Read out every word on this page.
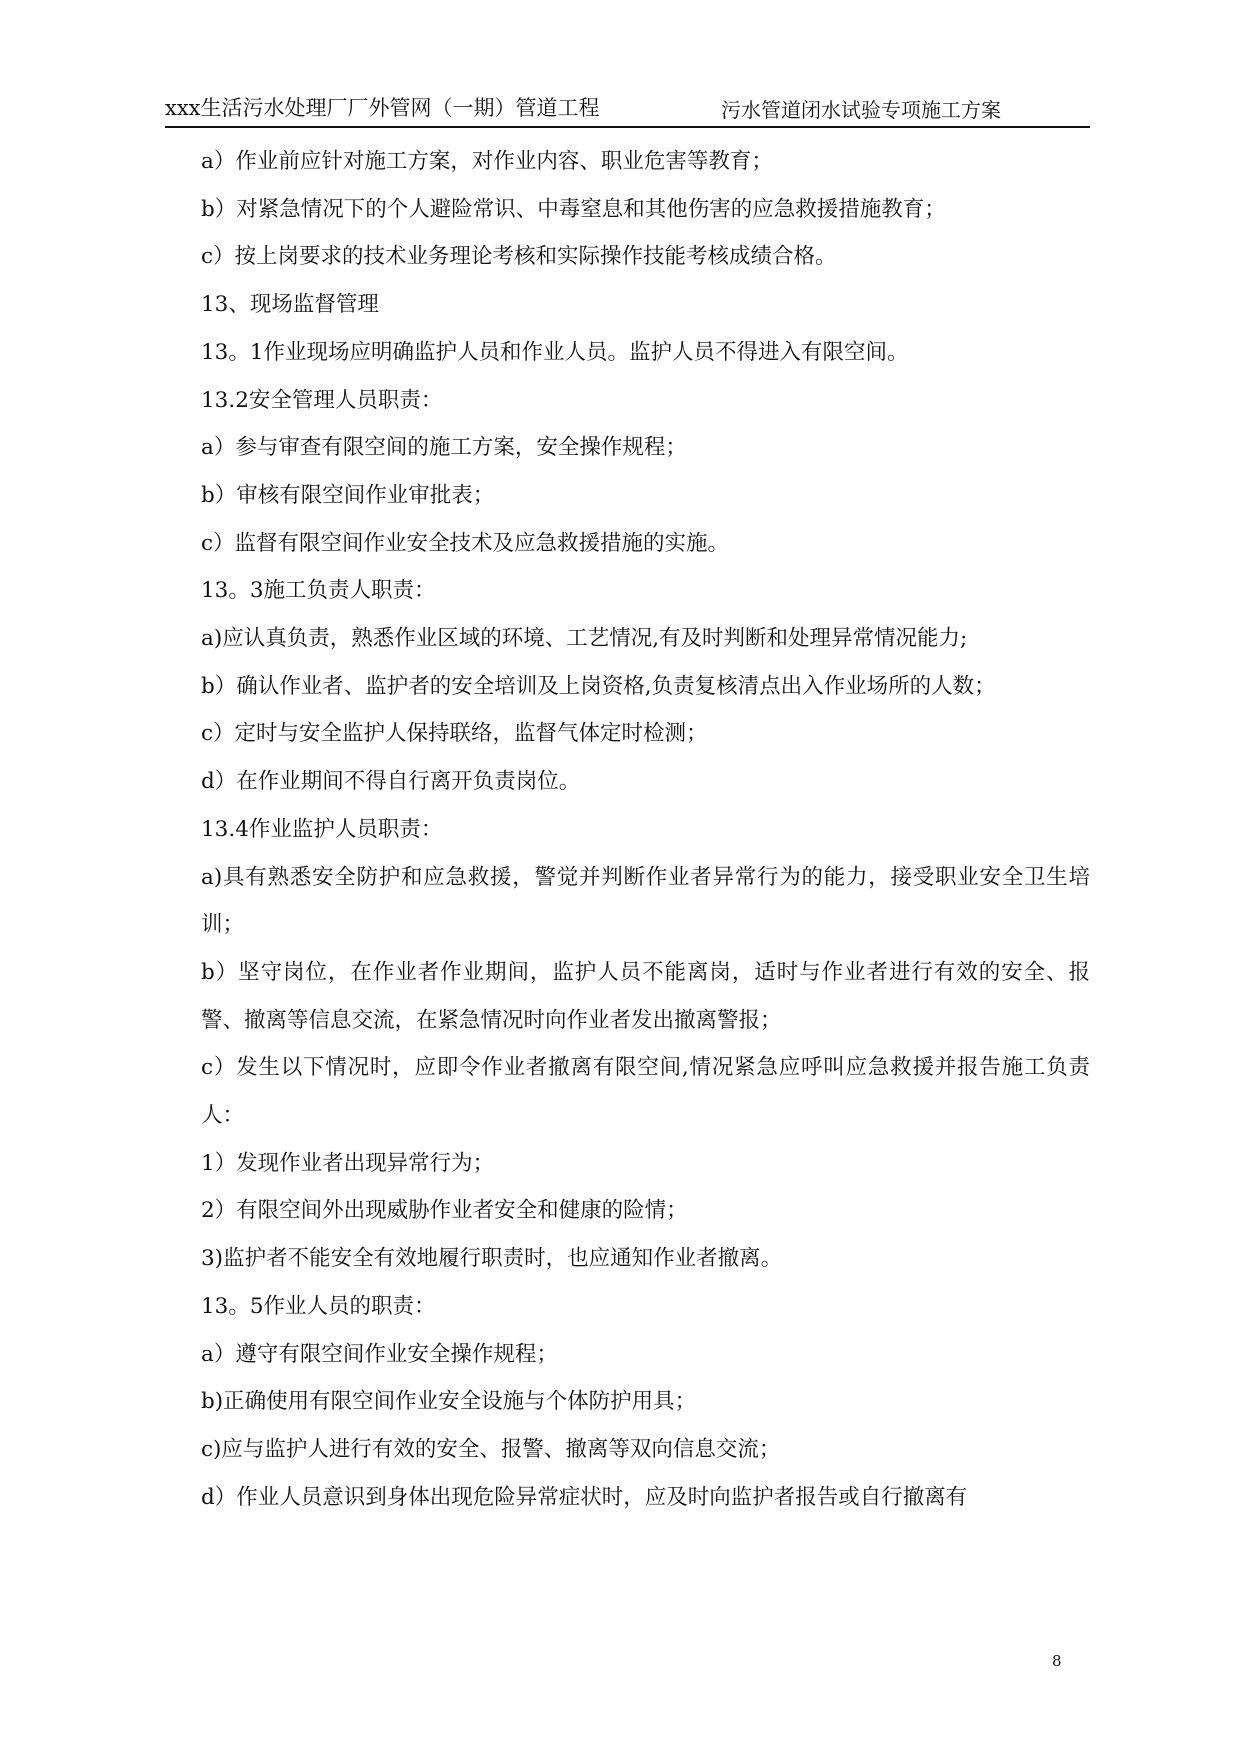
xxx生活污水处理厂厂外管网（一期）管道工程	污水管道闭水试验专项施工方案

a）作业前应针对施工方案，对作业内容、职业危害等教育；

b）对紧急情况下的个人避险常识、中毒窒息和其他伤害的应急救援措施教育；

c）按上岗要求的技术业务理论考核和实际操作技能考核成绩合格。

13、现场监督管理

13。1作业现场应明确监护人员和作业人员。监护人员不得进入有限空间。

13.2安全管理人员职责：

a）参与审查有限空间的施工方案，安全操作规程；

b）审核有限空间作业审批表；

c）监督有限空间作业安全技术及应急救援措施的实施。

13。3施工负责人职责：

a)应认真负责，熟悉作业区域的环境、工艺情况,有及时判断和处理异常情况能力;

b）确认作业者、监护者的安全培训及上岗资格,负责复核清点出入作业场所的人数；

c）定时与安全监护人保持联络，监督气体定时检测；

d）在作业期间不得自行离开负责岗位。

13.4作业监护人员职责：

a)具有熟悉安全防护和应急救援，警觉并判断作业者异常行为的能力，接受职业安全卫生培训；

b）坚守岗位，在作业者作业期间，监护人员不能离岗，适时与作业者进行有效的安全、报警、撤离等信息交流，在紧急情况时向作业者发出撤离警报；

c）发生以下情况时，应即令作业者撤离有限空间,情况紧急应呼叫应急救援并报告施工负责人：

1）发现作业者出现异常行为；

2）有限空间外出现威胁作业者安全和健康的险情；

3)监护者不能安全有效地履行职责时，也应通知作业者撤离。

13。5作业人员的职责：

a）遵守有限空间作业安全操作规程；

b)正确使用有限空间作业安全设施与个体防护用具；

c)应与监护人进行有效的安全、报警、撤离等双向信息交流；

d）作业人员意识到身体出现危险异常症状时，应及时向监护者报告或自行撤离有

8
